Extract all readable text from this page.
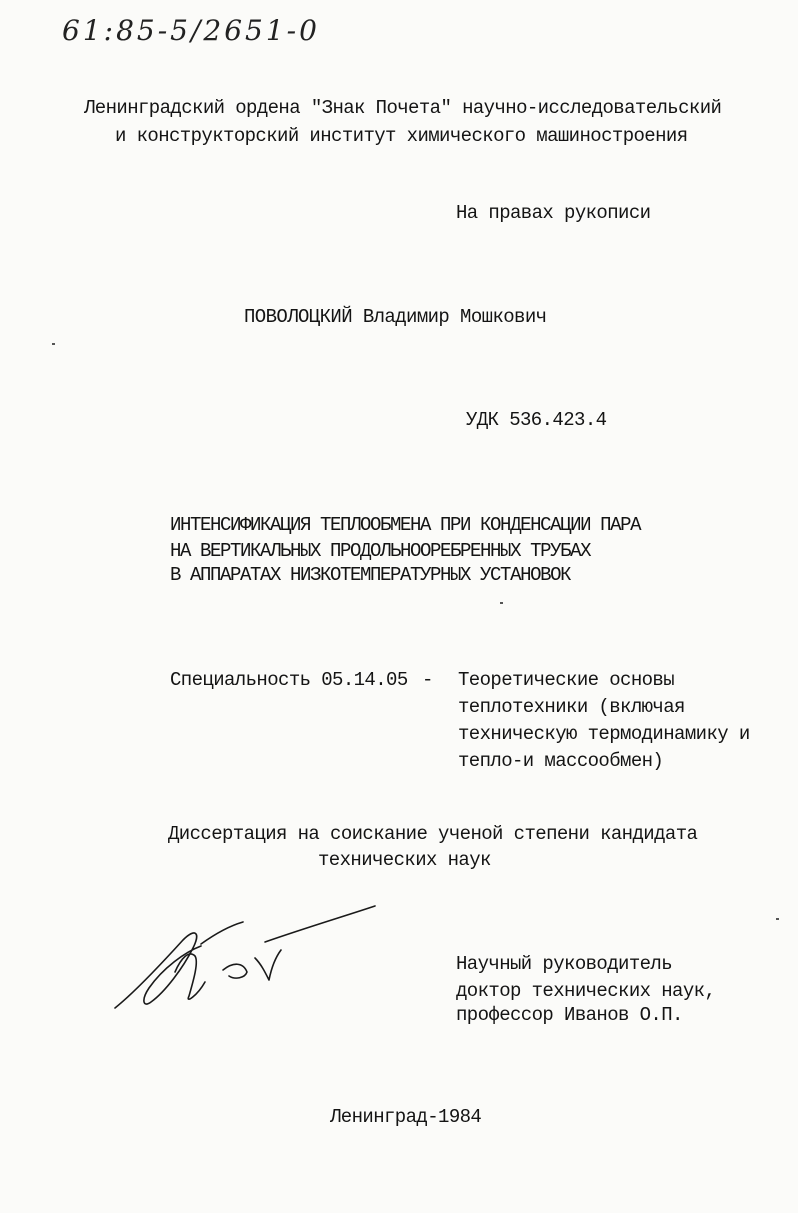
61:85-5/2651-0
Ленинградский ордена "Знак Почета" научно-исследовательский
и конструкторский институт химического машиностроения
На правах рукописи
ПОВОЛОЦКИЙ Владимир Мошкович
УДК 536.423.4
ИНТЕНСИФИКАЦИЯ ТЕПЛООБМЕНА ПРИ КОНДЕНСАЦИИ ПАРА
НА ВЕРТИКАЛЬНЫХ ПРОДОЛЬНООРЕБРЕННЫХ ТРУБАХ
В АППАРАТАХ НИЗКОТЕМПЕРАТУРНЫХ УСТАНОВОК
Специальность 05.14.05 - Теоретические основы
теплотехники (включая
техническую термодинамику и
тепло-и массообмен)
Диссертация на соискание ученой степени кандидата
технических наук
Научный руководитель
доктор технических наук,
профессор Иванов О.П.
Ленинград-1984
